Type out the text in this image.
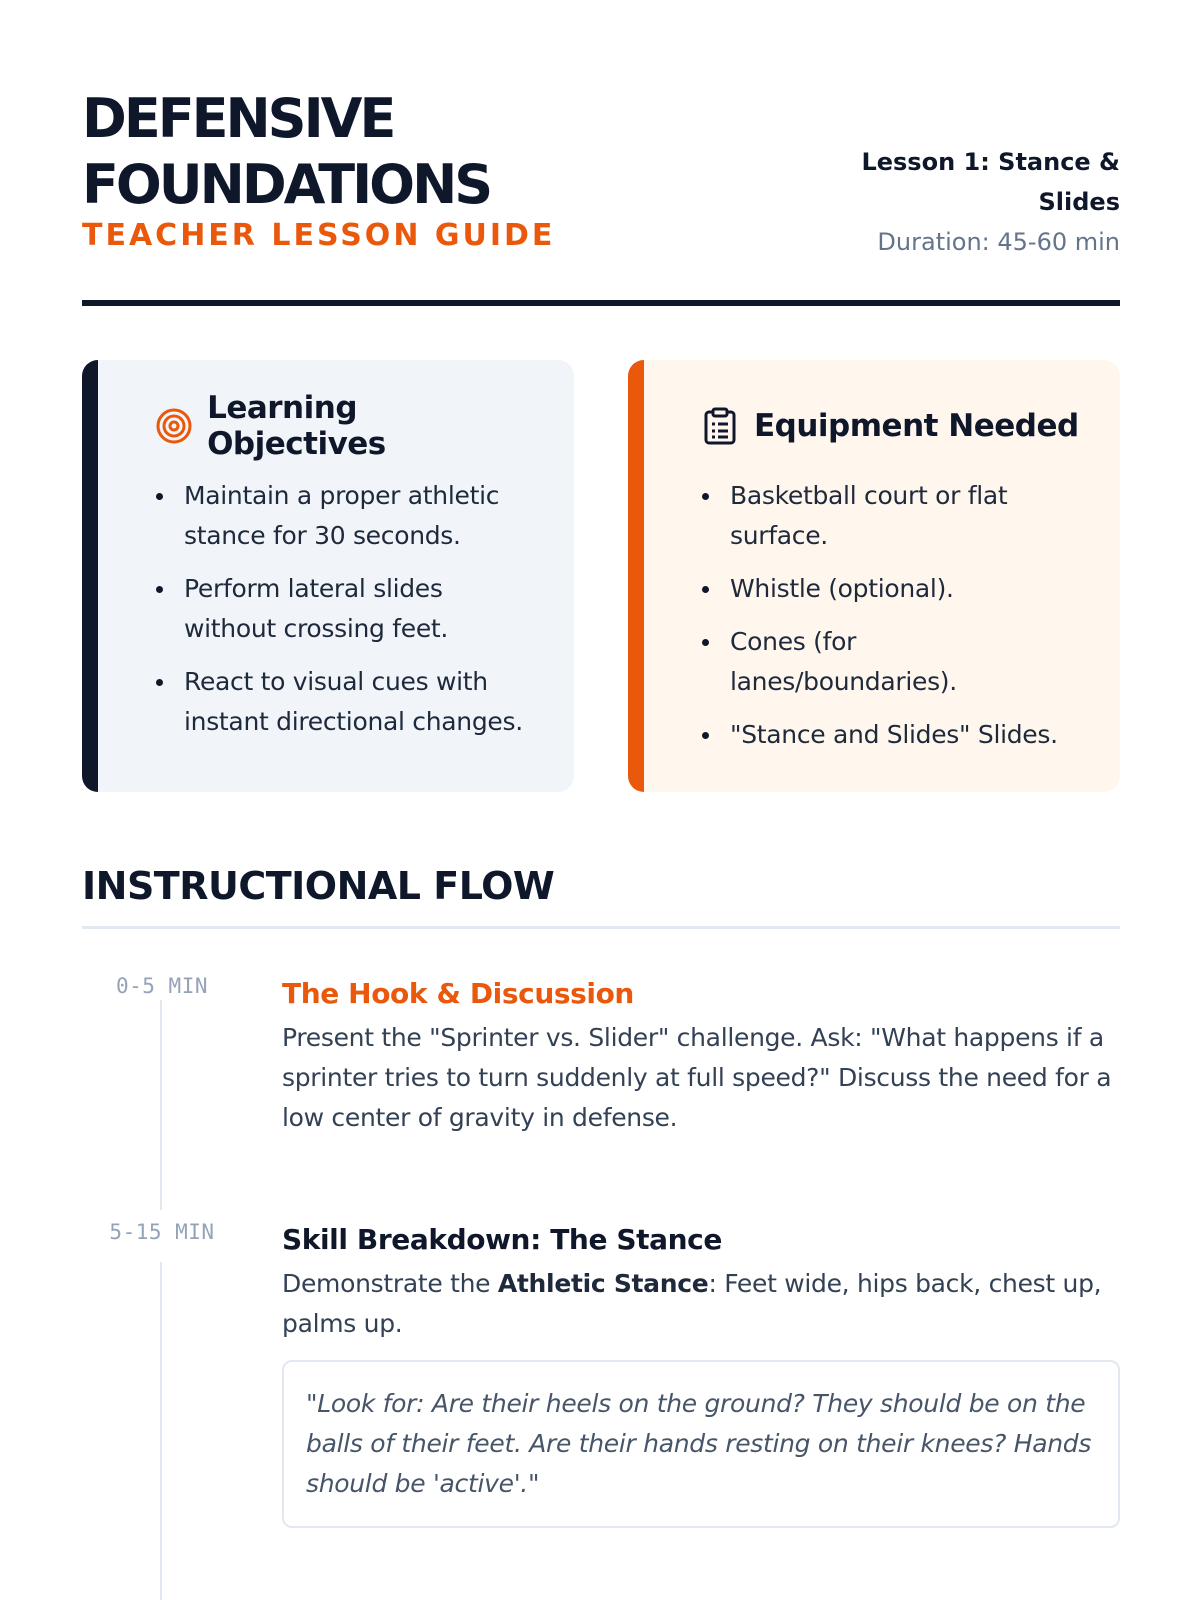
DEFENSIVE FOUNDATIONS
TEACHER LESSON GUIDE
Lesson 1: Stance & Slides
Duration: 45-60 min
Learning Objectives
Maintain a proper athletic stance for 30 seconds.
Perform lateral slides without crossing feet.
React to visual cues with instant directional changes.
Equipment Needed
Basketball court or flat surface.
Whistle (optional).
Cones (for lanes/boundaries).
"Stance and Slides" Slides.
INSTRUCTIONAL FLOW
0-5 MIN	The Hook & Discussion
Present the "Sprinter vs. Slider" challenge. Ask: "What happens if a sprinter tries to turn suddenly at full speed?" Discuss the need for a low center of gravity in defense.
5-15 MIN	Skill Breakdown: The Stance
Demonstrate the Athletic Stance: Feet wide, hips back, chest up, palms up.
"Look for: Are their heels on the ground? They should be on the balls of their feet. Are their hands resting on their knees? Hands should be 'active'."
